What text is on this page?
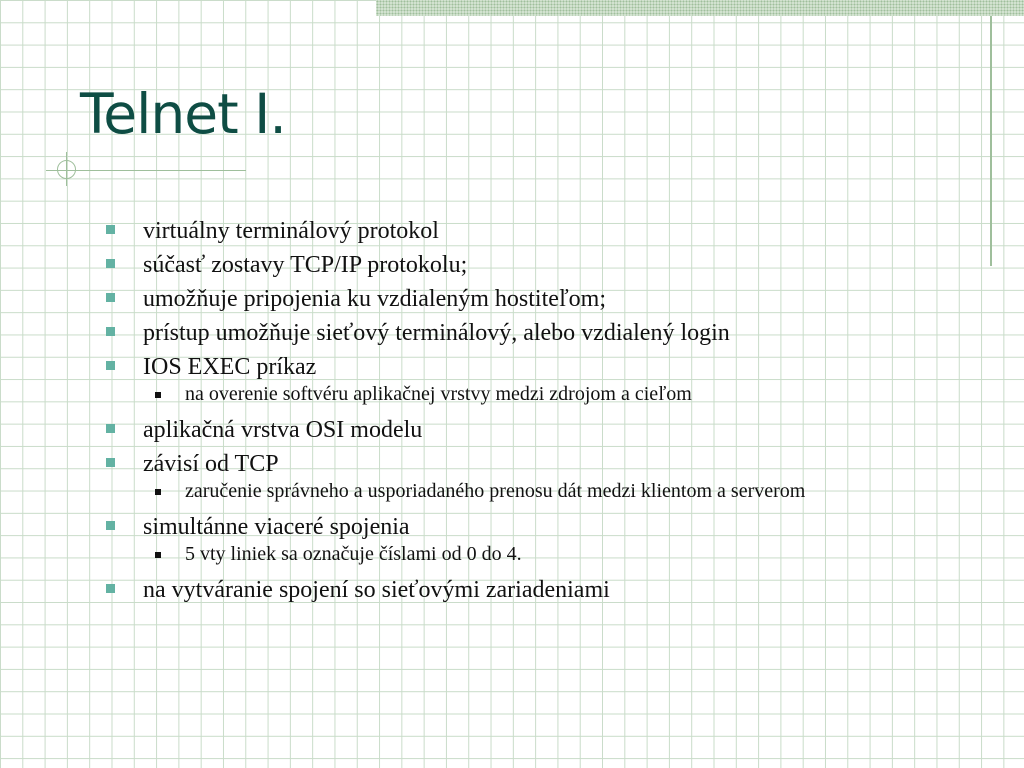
Telnet I.
virtuálny terminálový protokol
súčasť zostavy TCP/IP protokolu;
umožňuje pripojenia ku vzdialeným hostiteľom;
prístup umožňuje sieťový terminálový, alebo vzdialený login
IOS EXEC príkaz
na overenie softvéru aplikačnej vrstvy medzi zdrojom a cieľom
aplikačná vrstva OSI modelu
závisí od TCP
zaručenie správneho a usporiadaného prenosu dát medzi klientom a serverom
simultánne viaceré spojenia
5 vty liniek sa označuje číslami od 0 do 4.
na vytváranie spojení so sieťovými zariadeniami
